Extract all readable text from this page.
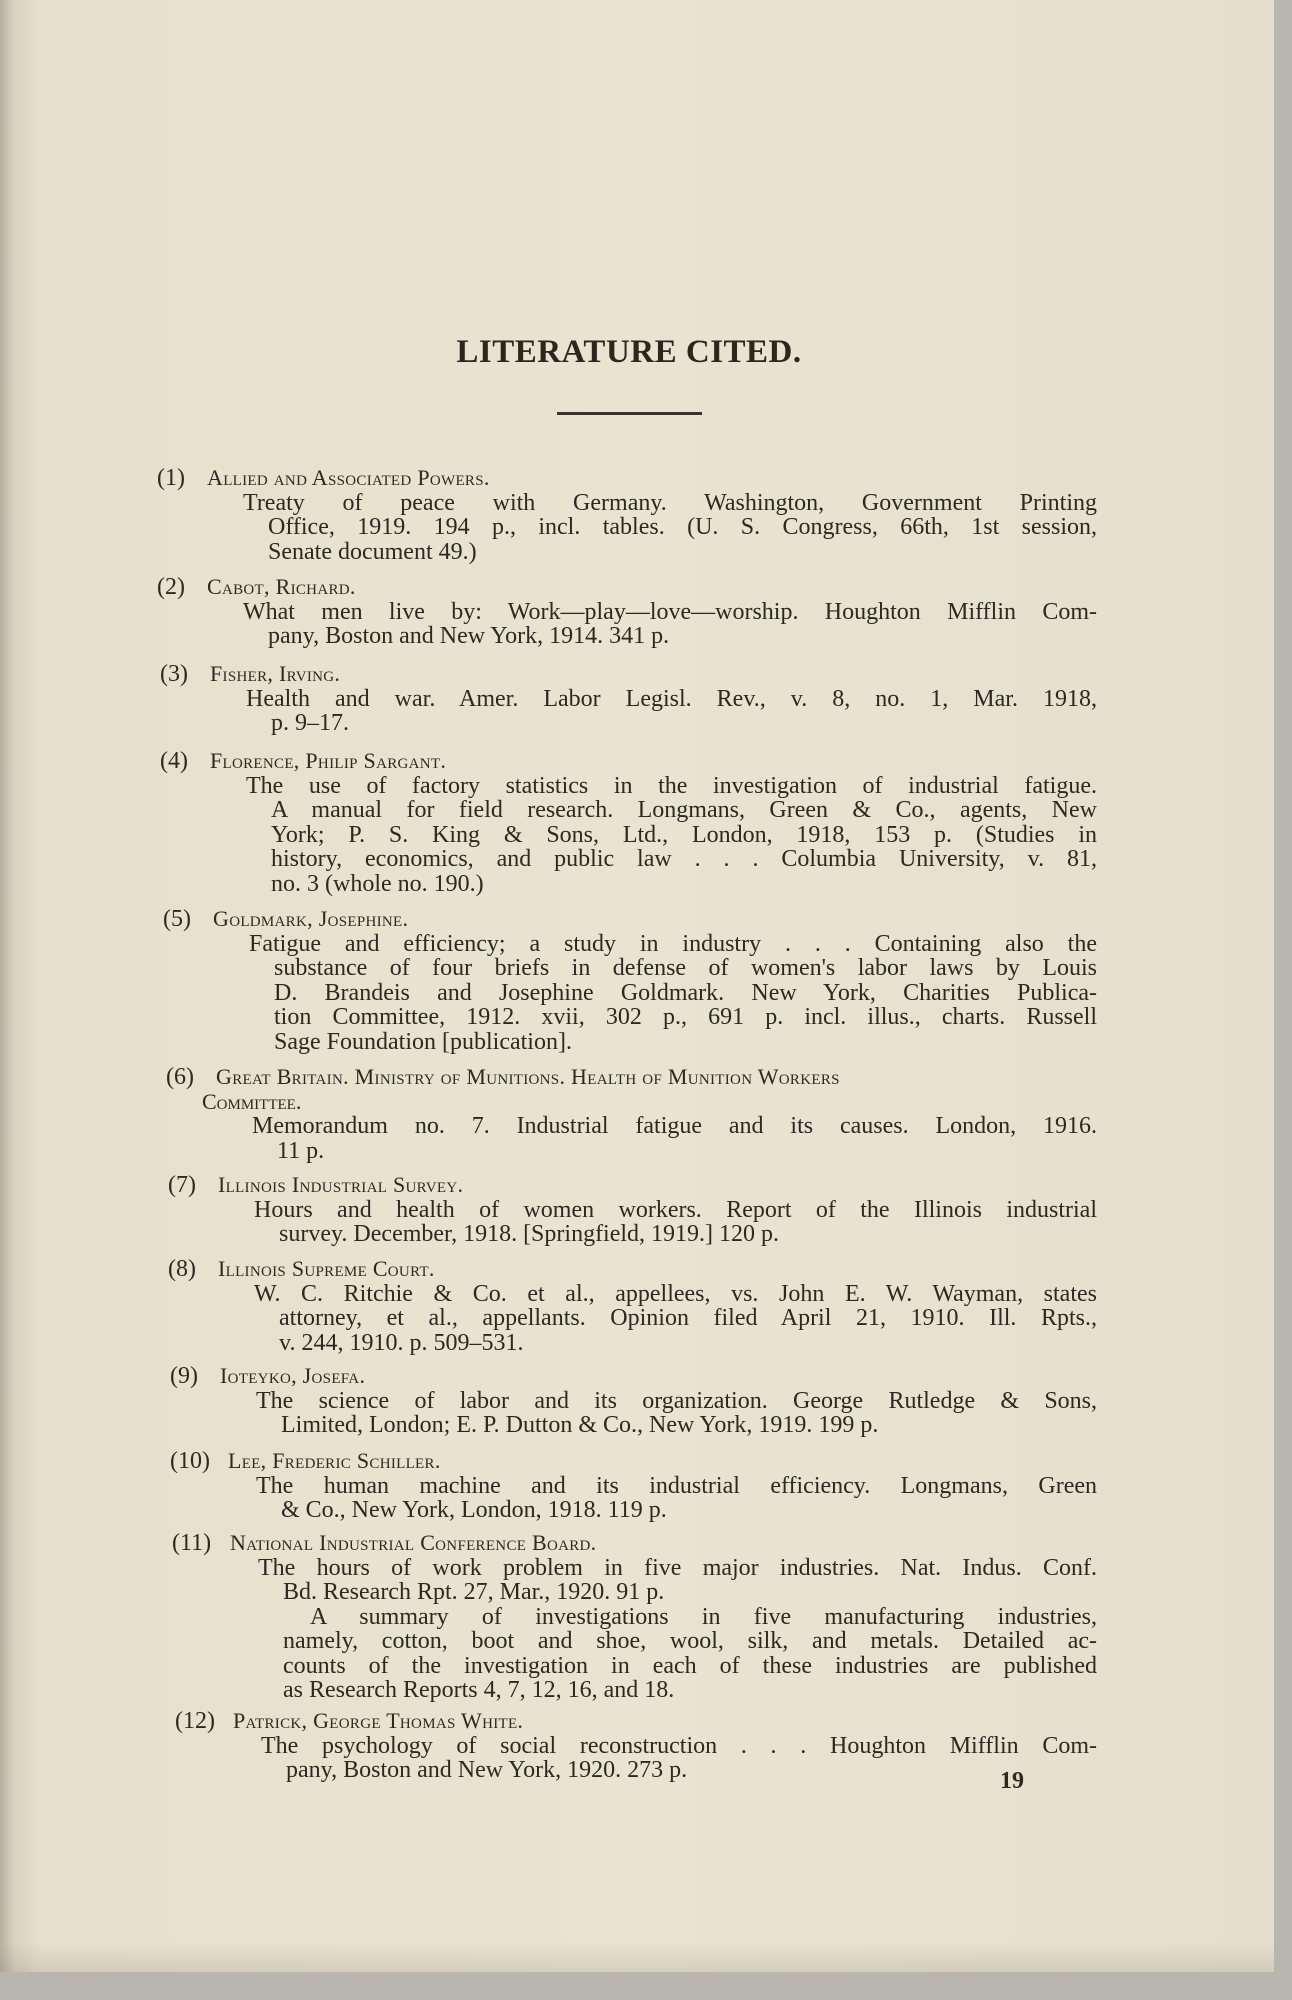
LITERATURE CITED.
(1) Allied and Associated Powers.
Treaty of peace with Germany. Washington, Government Printing
Office, 1919. 194 p., incl. tables. (U. S. Congress, 66th, 1st session,
Senate document 49.)
(2) Cabot, Richard.
What men live by: Work—play—love—worship. Houghton Mifflin Com-
pany, Boston and New York, 1914. 341 p.
(3) Fisher, Irving.
Health and war. Amer. Labor Legisl. Rev., v. 8, no. 1, Mar. 1918,
p. 9–17.
(4) Florence, Philip Sargant.
The use of factory statistics in the investigation of industrial fatigue.
A manual for field research. Longmans, Green & Co., agents, New
York; P. S. King & Sons, Ltd., London, 1918, 153 p. (Studies in
history, economics, and public law . . . Columbia University, v. 81,
no. 3 (whole no. 190.)
(5) Goldmark, Josephine.
Fatigue and efficiency; a study in industry . . . Containing also the
substance of four briefs in defense of women's labor laws by Louis
D. Brandeis and Josephine Goldmark. New York, Charities Publica-
tion Committee, 1912. xvii, 302 p., 691 p. incl. illus., charts. Russell
Sage Foundation [publication].
(6) Great Britain. Ministry of Munitions. Health of Munition Workers
Committee.
Memorandum no. 7. Industrial fatigue and its causes. London, 1916.
11 p.
(7) Illinois Industrial Survey.
Hours and health of women workers. Report of the Illinois industrial
survey. December, 1918. [Springfield, 1919.] 120 p.
(8) Illinois Supreme Court.
W. C. Ritchie & Co. et al., appellees, vs. John E. W. Wayman, states
attorney, et al., appellants. Opinion filed April 21, 1910. Ill. Rpts.,
v. 244, 1910. p. 509–531.
(9) Ioteyko, Josefa.
The science of labor and its organization. George Rutledge & Sons,
Limited, London; E. P. Dutton & Co., New York, 1919. 199 p.
(10) Lee, Frederic Schiller.
The human machine and its industrial efficiency. Longmans, Green
& Co., New York, London, 1918. 119 p.
(11) National Industrial Conference Board.
The hours of work problem in five major industries. Nat. Indus. Conf.
Bd. Research Rpt. 27, Mar., 1920. 91 p.
A summary of investigations in five manufacturing industries,
namely, cotton, boot and shoe, wool, silk, and metals. Detailed ac-
counts of the investigation in each of these industries are published
as Research Reports 4, 7, 12, 16, and 18.
(12) Patrick, George Thomas White.
The psychology of social reconstruction . . . Houghton Mifflin Com-
pany, Boston and New York, 1920. 273 p.	19
